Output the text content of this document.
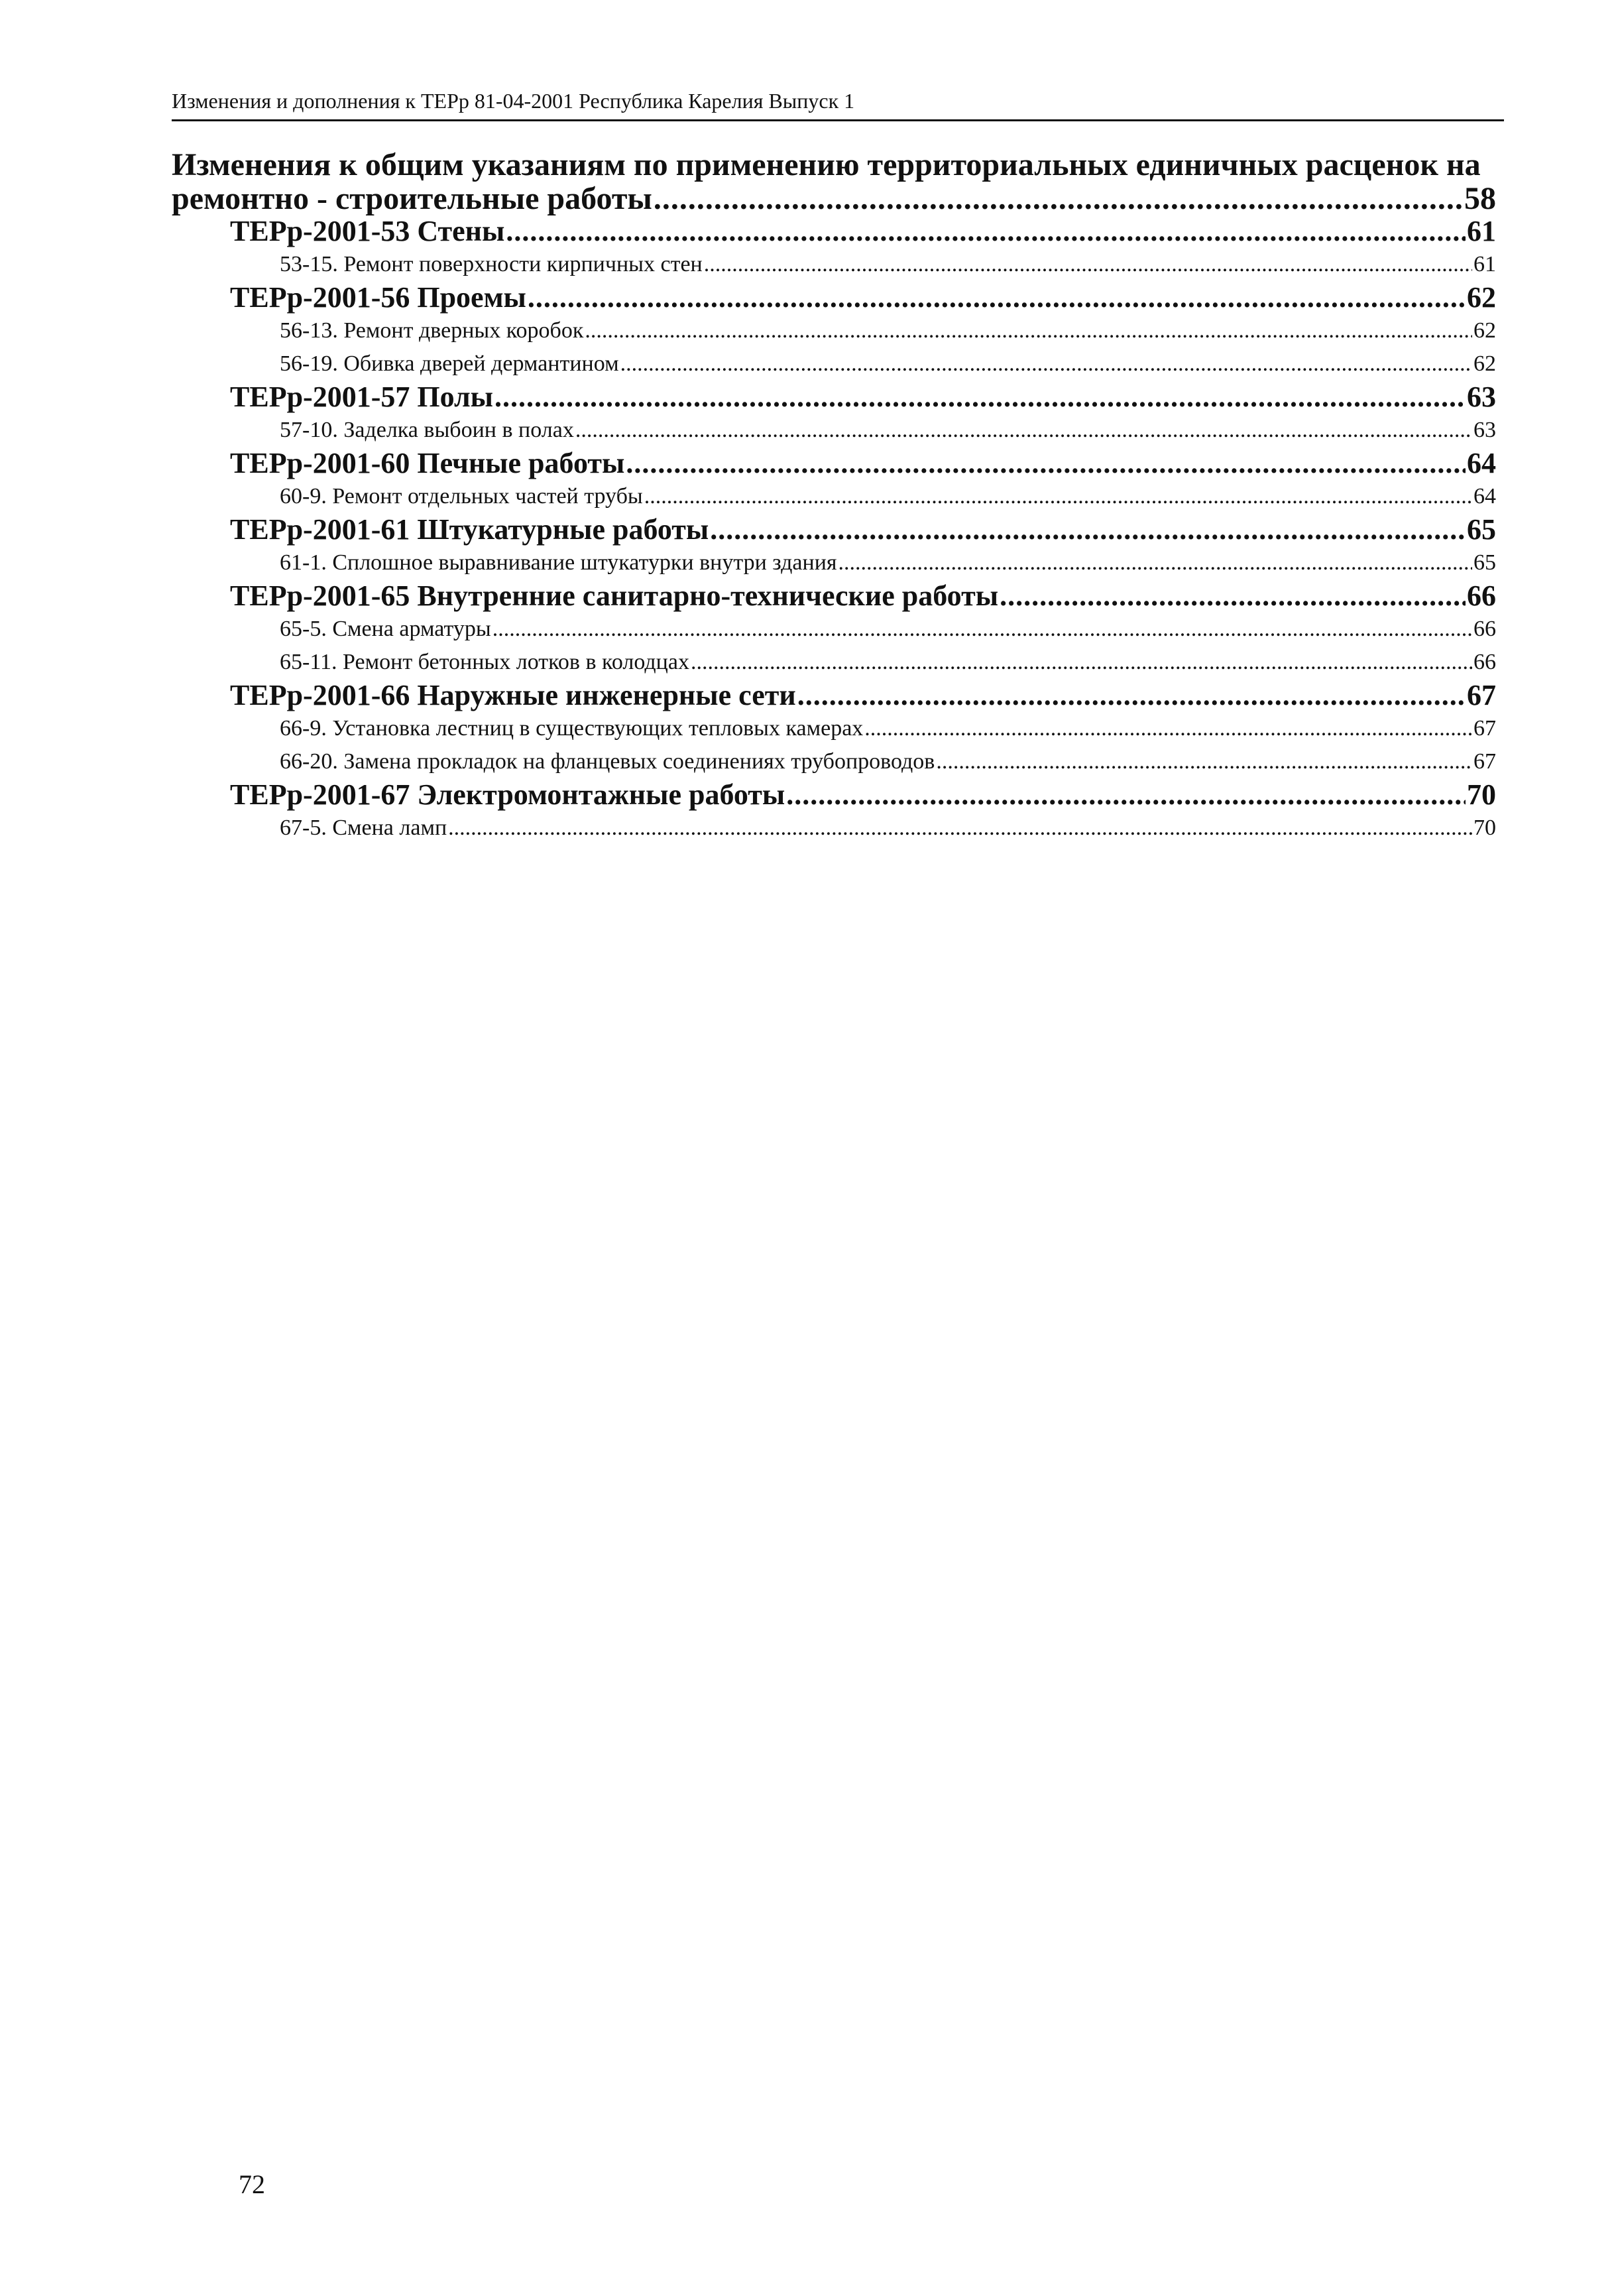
Изменения и дополнения к ТЕРр 81-04-2001 Республика Карелия Выпуск 1
Изменения к общим указаниям по применению территориальных единичных расценок на
ремонтно - строительные работы .....	58
ТЕРр-2001-53 Стены .....	61
53-15. Ремонт поверхности кирпичных стен .....	61
ТЕРр-2001-56 Проемы .....	62
56-13. Ремонт дверных коробок .....	62
56-19. Обивка дверей дермантином .....	62
ТЕРр-2001-57 Полы .....	63
57-10. Заделка выбоин в полах .....	63
ТЕРр-2001-60 Печные работы .....	64
60-9. Ремонт отдельных частей трубы .....	64
ТЕРр-2001-61 Штукатурные работы .....	65
61-1. Сплошное выравнивание штукатурки внутри здания .....	65
ТЕРр-2001-65 Внутренние санитарно-технические работы .....	66
65-5. Смена арматуры .....	66
65-11. Ремонт бетонных лотков в колодцах .....	66
ТЕРр-2001-66 Наружные инженерные сети .....	67
66-9. Установка лестниц в существующих тепловых камерах .....	67
66-20. Замена прокладок на фланцевых соединениях трубопроводов .....	67
ТЕРр-2001-67 Электромонтажные работы .....	70
67-5. Смена ламп .....	70
72
